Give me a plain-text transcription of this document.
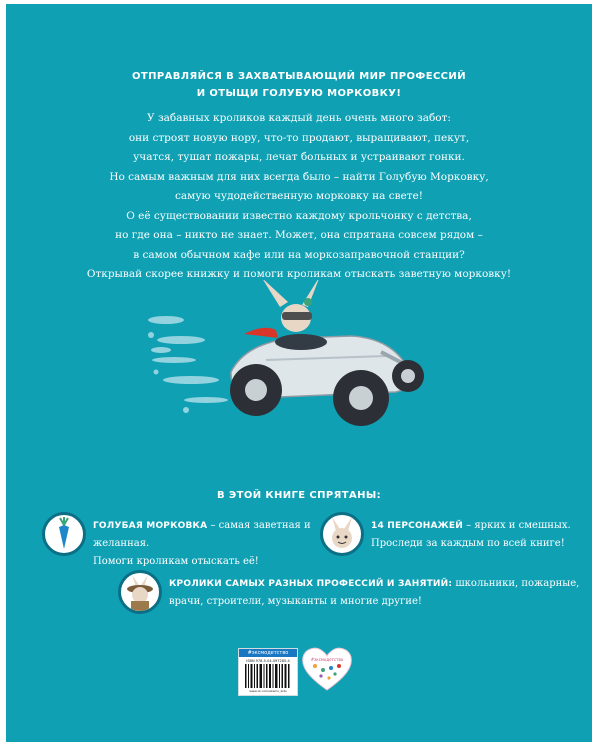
ОТПРАВЛЯЙСЯ В ЗАХВАТЫВАЮЩИЙ МИР ПРОФЕССИЙ
И ОТЫЩИ ГОЛУБУЮ МОРКОВКУ!
У забавных кроликов каждый день очень много забот:
они строят новую нору, что-то продают, выращивают, пекут,
учатся, тушат пожары, лечат больных и устраивают гонки.
Но самым важным для них всегда было – найти Голубую Морковку,
самую чудодейственную морковку на свете!
О её существовании известно каждому крольчонку с детства,
но где она – никто не знает. Может, она спрятана совсем рядом –
в самом обычном кафе или на моркозаправочной станции?
Открывай скорее книжку и помоги кроликам отыскать заветную морковку!
В ЭТОЙ КНИГЕ СПРЯТАНЫ:
ГОЛУБАЯ МОРКОВКА – самая заветная и желанная.
Помоги кроликам отыскать её!
14 ПЕРСОНАЖЕЙ – ярких и смешных.
Проследи за каждым по всей книге!
КРОЛИКИ САМЫХ РАЗНЫХ ПРОФЕССИЙ И ЗАНЯТИЙ: школьники, пожарные,
врачи, строители, музыканты и многие другие!
#эксмодетство
ISBN 978-5-04-097285-4
www.vk.com/eksmo_kids
#эксмодетство
